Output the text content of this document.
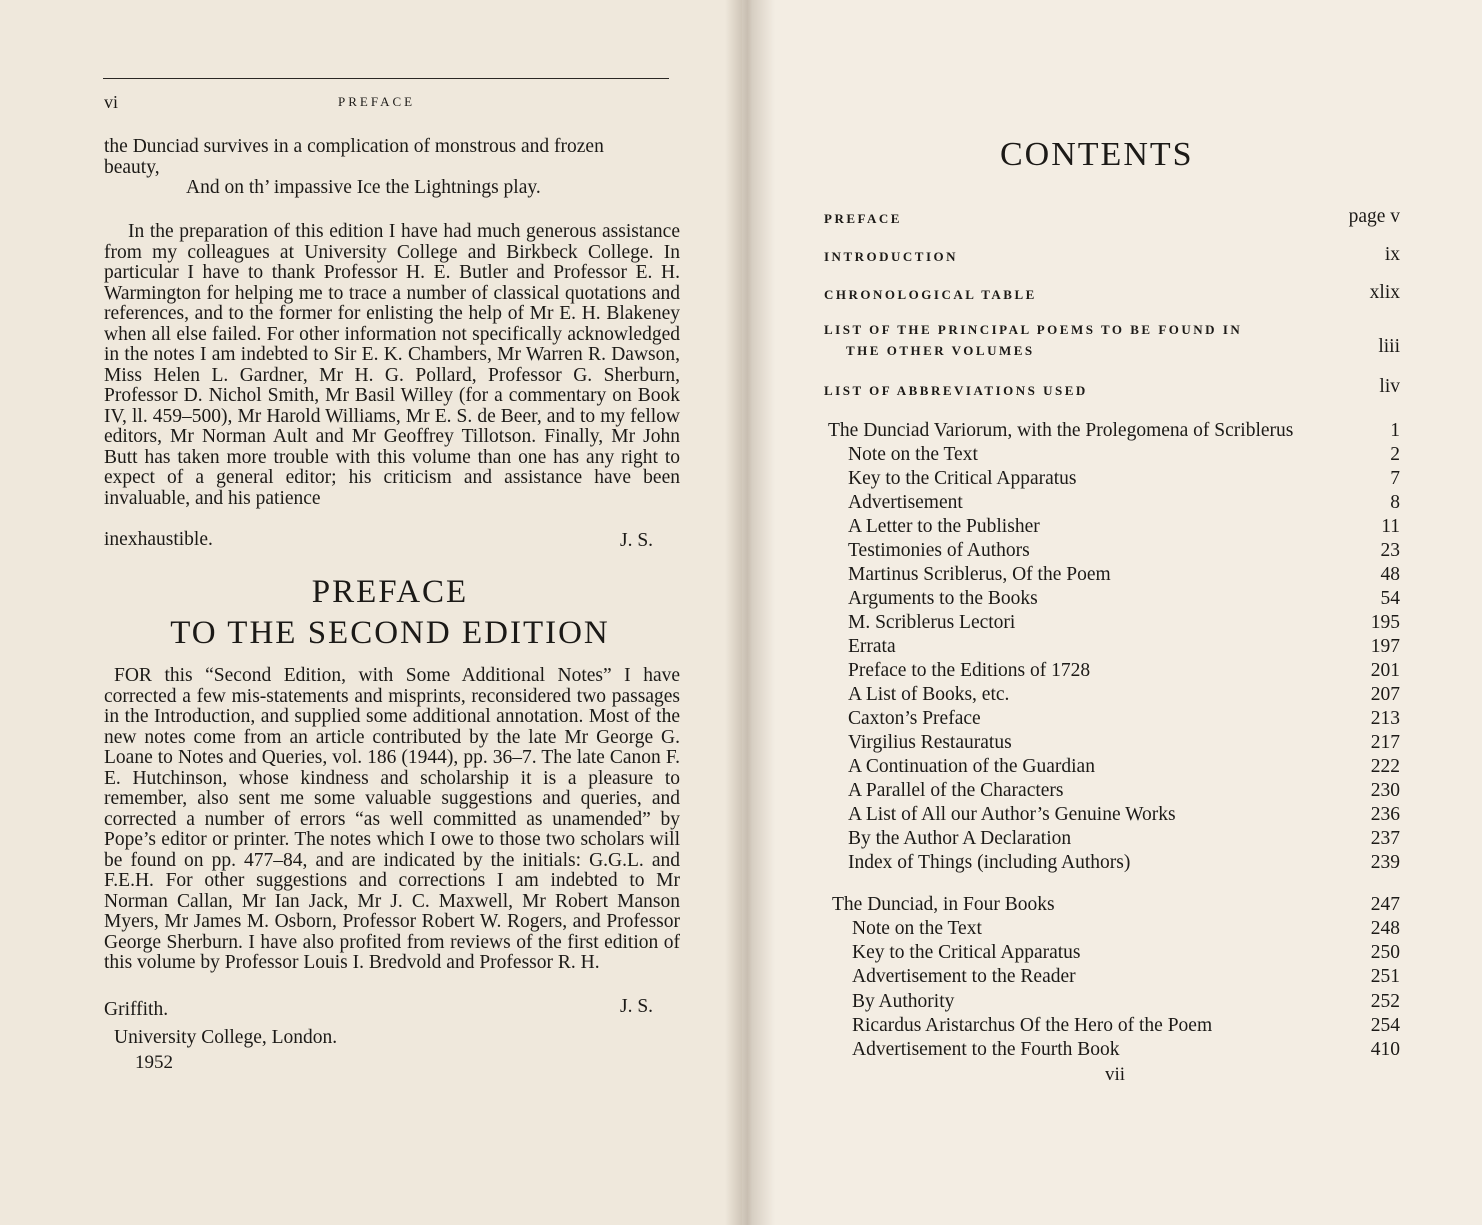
vi	PREFACE
the Dunciad survives in a complication of monstrous and frozen
beauty,
And on th’ impassive Ice the Lightnings play.
In the preparation of this edition I have had much generous assistance from my colleagues at University College and Birkbeck College. In particular I have to thank Professor H. E. Butler and Professor E. H. Warmington for helping me to trace a number of classical quotations and references, and to the former for enlisting the help of Mr E. H. Blakeney when all else failed. For other information not specifically acknowledged in the notes I am indebted to Sir E. K. Chambers, Mr Warren R. Dawson, Miss Helen L. Gardner, Mr H. G. Pollard, Professor G. Sherburn, Professor D. Nichol Smith, Mr Basil Willey (for a commentary on Book IV, ll. 459–500), Mr Harold Williams, Mr E. S. de Beer, and to my fellow editors, Mr Norman Ault and Mr Geoffrey Tillotson. Finally, Mr John Butt has taken more trouble with this volume than one has any right to expect of a general editor; his criticism and assistance have been invaluable, and his patience
inexhaustible.	J. S.
PREFACE
TO THE SECOND EDITION
FOR this “Second Edition, with Some Additional Notes” I have corrected a few mis-statements and misprints, reconsidered two passages in the Introduction, and supplied some additional annotation. Most of the new notes come from an article contributed by the late Mr George G. Loane to Notes and Queries, vol. 186 (1944), pp. 36–7. The late Canon F. E. Hutchinson, whose kindness and scholarship it is a pleasure to remember, also sent me some valuable suggestions and queries, and corrected a number of errors “as well committed as unamended” by Pope’s editor or printer. The notes which I owe to those two scholars will be found on pp. 477–84, and are indicated by the initials: G.G.L. and F.E.H. For other suggestions and corrections I am indebted to Mr Norman Callan, Mr Ian Jack, Mr J. C. Maxwell, Mr Robert Manson Myers, Mr James M. Osborn, Professor Robert W. Rogers, and Professor George Sherburn. I have also profited from reviews of the first edition of this volume by Professor Louis I. Bredvold and Professor R. H.
Griffith.	J. S.
University College, London.
1952
CONTENTS
PREFACE	page v
INTRODUCTION	ix
CHRONOLOGICAL TABLE	xlix
LIST OF THE PRINCIPAL POEMS TO BE FOUND IN
THE OTHER VOLUMES	liii
LIST OF ABBREVIATIONS USED	liv
The Dunciad Variorum, with the Prolegomena of Scriblerus	1
Note on the Text	2
Key to the Critical Apparatus	7
Advertisement	8
A Letter to the Publisher	11
Testimonies of Authors	23
Martinus Scriblerus, Of the Poem	48
Arguments to the Books	54
M. Scriblerus Lectori	195
Errata	197
Preface to the Editions of 1728	201
A List of Books, etc.	207
Caxton’s Preface	213
Virgilius Restauratus	217
A Continuation of the Guardian	222
A Parallel of the Characters	230
A List of All our Author’s Genuine Works	236
By the Author A Declaration	237
Index of Things (including Authors)	239
The Dunciad, in Four Books	247
Note on the Text	248
Key to the Critical Apparatus	250
Advertisement to the Reader	251
By Authority	252
Ricardus Aristarchus Of the Hero of the Poem	254
Advertisement to the Fourth Book	410
vii
